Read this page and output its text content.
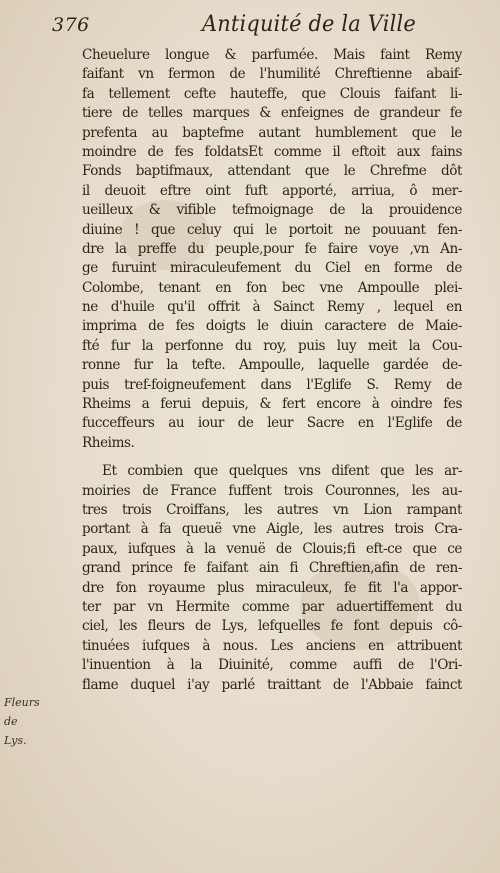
376	Antiquité de la Ville
Cheuelure longue & parfumée. Mais faint Remy
faifant vn fermon de l'humilité Chreftienne abaif-
fa tellement cefte hauteffe, que Clouis faifant li-
tiere de telles marques & enfeignes de grandeur fe
prefenta au baptefme autant humblement que le
moindre de fes foldatsEt comme il eftoit aux fains
Fonds baptifmaux, attendant que le Chrefme dôt
il deuoit eftre oint fuft apporté, arriua, ô mer-
ueilleux & vifible tefmoignage de la prouidence
diuine ! que celuy qui le portoit ne pouuant fen-
dre la preffe du peuple,pour fe faire voye ,vn An-
ge furuint miraculeufement du Ciel en forme de
Colombe, tenant en fon bec vne Ampoulle plei-
ne d'huile qu'il offrit à Sainct Remy , lequel en
imprima de fes doigts le diuin caractere de Maie-
fté fur la perfonne du roy, puis luy meit la Cou-
ronne fur la tefte. Ampoulle, laquelle gardée de-
puis tref-foigneufement dans l'Eglife S. Remy de
Rheims a ferui depuis, & fert encore à oindre fes
fucceffeurs au iour de leur Sacre en l'Eglife de
Rheims.
Et combien que quelques vns difent que les ar-
moiries de France fuffent trois Couronnes, les au-
tres trois Croiffans, les autres vn Lion rampant
portant à fa queuë vne Aigle, les autres trois Cra-
paux, iufques à la venuë de Clouis;fi eft-ce que ce
grand prince fe faifant ain fi Chreftien,afin de ren-
dre fon royaume plus miraculeux, fe fit l'a appor-
ter par vn Hermite comme par aduertiffement du
ciel, les fleurs de Lys, lefquelles fe font depuis cô-
tinuées iufques à nous. Les anciens en attribuent
l'inuention à la Diuinité, comme auffi de l'Ori-
flame duquel i'ay parlé traittant de l'Abbaie fainct
Fleurs de
Lys.
